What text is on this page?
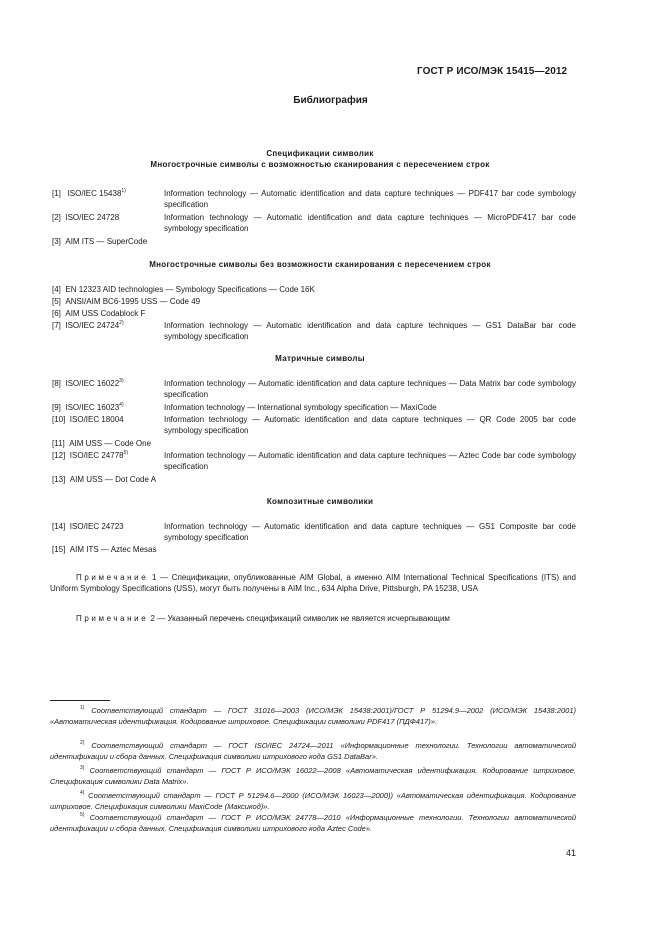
ГОСТ Р ИСО/МЭК 15415—2012
Библиография
Спецификации символик
Многострочные символы с возможностью сканирования с пересечением строк
[1] ISO/IEC 15438$^{1)}$	Information technology — Automatic identification and data capture techniques — PDF417 bar code symbology specification
[2] ISO/IEC 24728	Information technology — Automatic identification and data capture techniques — MicroPDF417 bar code symbology specification
[3] AIM ITS — SuperCode
Многострочные символы без возможности сканирования с пересечением строк
[4] EN 12323 AID technologies — Symbology Specifications — Code 16K
[5] ANSI/AIM BC6-1995 USS — Code 49
[6] AIM USS Codablock F
[7] ISO/IEC 24724$^{2)}$	Information technology — Automatic identification and data capture techniques — GS1 DataBar bar code symbology specification
Матричные символы
[8] ISO/IEC 16022$^{3)}$	Information technology — Automatic identification and data capture techniques — Data Matrix bar code symbology specification
[9] ISO/IEC 16023$^{4)}$	Information technology — International symbology specification — MaxiCode
[10] ISO/IEC 18004	Information technology — Automatic identification and data capture techniques — QR Code 2005 bar code symbology specification
[11] AIM USS — Code One
[12] ISO/IEC 24778$^{5)}$	Information technology — Automatic identification and data capture techniques — Aztec Code bar code symbology specification
[13] AIM USS — Dot Code A
Композитные символики
[14] ISO/IEC 24723	Information technology — Automatic identification and data capture techniques — GS1 Composite bar code symbology specification
[15] AIM ITS — Aztec Mesas
Примечание 1 — Спецификации, опубликованные AIM Global, а именно AIM International Technical Specifications (ITS) and Uniform Symbology Specifications (USS), могут быть получены в AIM Inc., 634 Alpha Drive, Pittsburgh, PA 15238, USA
Примечание 2 — Указанный перечень спецификаций символик не является исчерпывающим
$^{1)}$ Соответствующий стандарт — ГОСТ 31016—2003 (ИСО/МЭК 15438:2001)/ГОСТ Р 51294.9—2002 (ИСО/МЭК 15438:2001) «Автоматическая идентификация. Кодирование штриховое. Спецификации символики PDF417 (ПДФ417)».
$^{2)}$ Соответствующий стандарт — ГОСТ ISO/IEC 24724—2011 «Информационные технологии. Технологии автоматической идентификации и сбора данных. Спецификация символики штрихового кода GS1 DataBar».
$^{3)}$ Соответствующий стандарт — ГОСТ Р ИСО/МЭК 16022—2008 «Автоматическая идентификация. Кодирование штриховое. Спецификация символики Data Matrix».
$^{4)}$ Соответствующий стандарт — ГОСТ Р 51294.6—2000 (ИСО/МЭК 16023—2000)) «Автоматическая идентификация. Кодирование штриховое. Спецификация символики MaxiCode (Максикод)».
$^{5)}$ Соответствующий стандарт — ГОСТ Р ИСО/МЭК 24778—2010 «Информационные технологии. Технологии автоматической идентификации и сбора данных. Спецификация символики штрихового кода Aztec Code».
41
